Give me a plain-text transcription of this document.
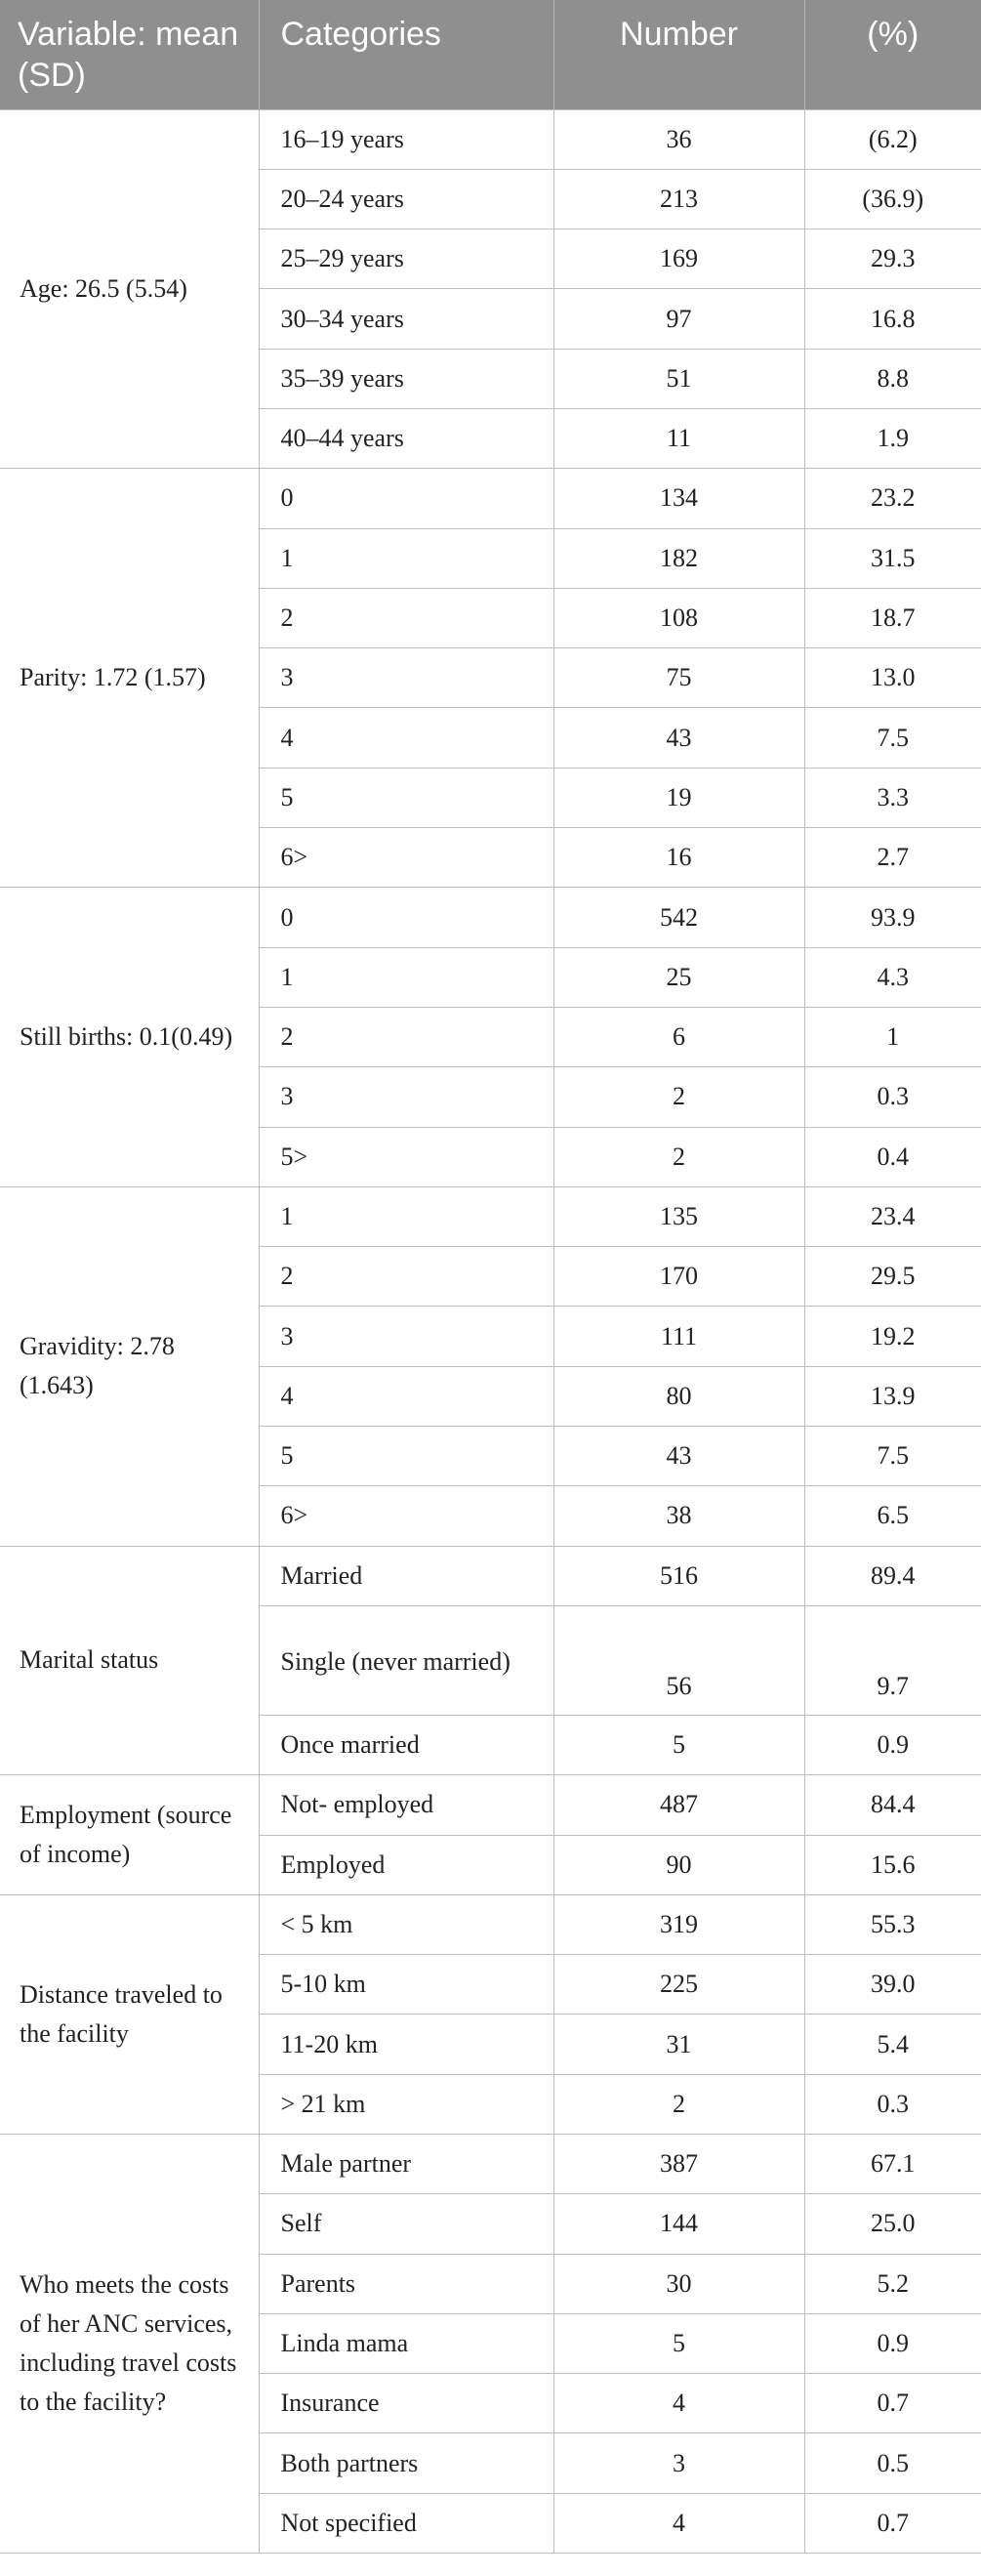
Variable: mean (SD)	Categories	Number	(%)
Age: 26.5 (5.54)	16–19 years	36	(6.2)
	20–24 years	213	(36.9)
	25–29 years	169	29.3
	30–34 years	97	16.8
	35–39 years	51	8.8
	40–44 years	11	1.9
Parity: 1.72 (1.57)	0	134	23.2
	1	182	31.5
	2	108	18.7
	3	75	13.0
	4	43	7.5
	5	19	3.3
	6>	16	2.7
Still births: 0.1(0.49)	0	542	93.9
	1	25	4.3
	2	6	1
	3	2	0.3
	5>	2	0.4
Gravidity: 2.78 (1.643)	1	135	23.4
	2	170	29.5
	3	111	19.2
	4	80	13.9
	5	43	7.5
	6>	38	6.5
Marital status	Married	516	89.4
	Single (never married)	56	9.7
	Once married	5	0.9
Employment (source of income)	Not- employed	487	84.4
	Employed	90	15.6
Distance traveled to the facility	< 5 km	319	55.3
	5-10 km	225	39.0
	11-20 km	31	5.4
	> 21 km	2	0.3
Who meets the costs of her ANC services, including travel costs to the facility?	Male partner	387	67.1
	Self	144	25.0
	Parents	30	5.2
	Linda mama	5	0.9
	Insurance	4	0.7
	Both partners	3	0.5
	Not specified	4	0.7
